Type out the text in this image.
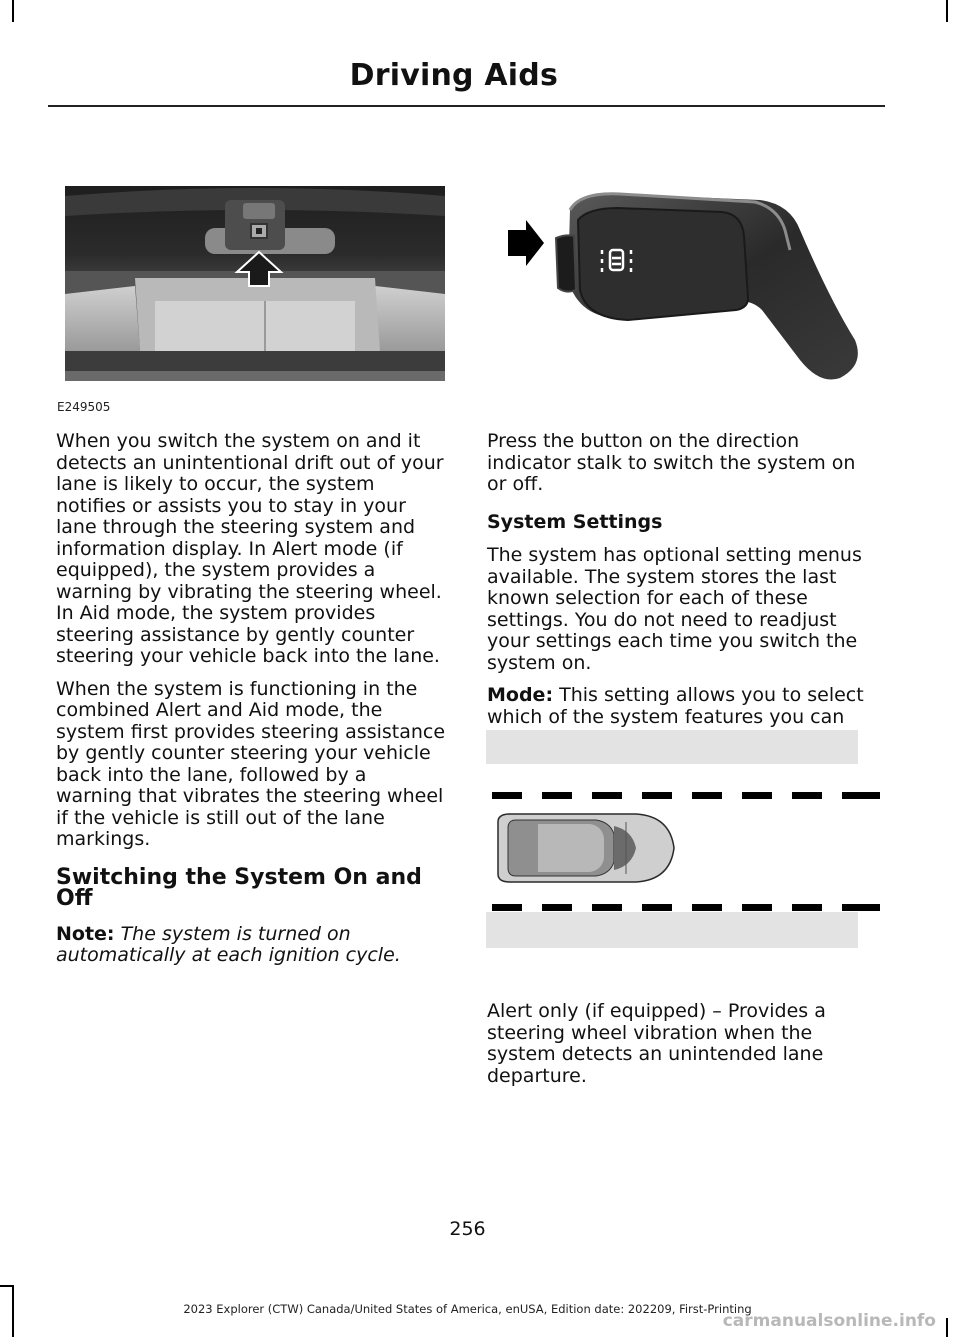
Driving Aids
E249505

When you switch the system on and it detects an unintentional drift out of your lane is likely to occur, the system notifies or assists you to stay in your lane through the steering system and information display. In Alert mode (if equipped), the system provides a warning by vibrating the steering wheel. In Aid mode, the system provides steering assistance by gently counter steering your vehicle back into the lane.

When the system is functioning in the combined Alert and Aid mode, the system first provides steering assistance by gently counter steering your vehicle back into the lane, followed by a warning that vibrates the steering wheel if the vehicle is still out of the lane markings.

Switching the System On and Off

Note: The system is turned on automatically at each ignition cycle.

Press the button on the direction indicator stalk to switch the system on or off.

System Settings

The system has optional setting menus available. The system stores the last known selection for each of these settings. You do not need to readjust your settings each time you switch the system on.

Mode: This setting allows you to select which of the system features you can

Alert only (if equipped) – Provides a steering wheel vibration when the system detects an unintended lane departure.
256
2023 Explorer (CTW) Canada/United States of America, enUSA, Edition date: 202209, First-Printing
carmanualsonline.info
